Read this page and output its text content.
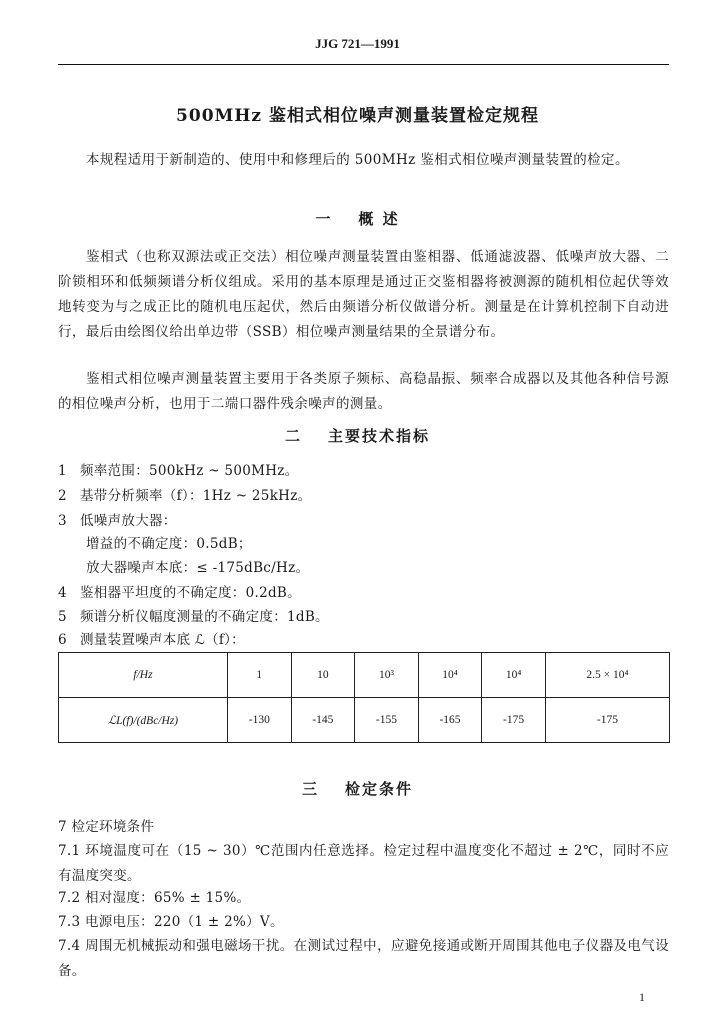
JJG 721—1991
500MHz 鉴相式相位噪声测量装置检定规程
本规程适用于新制造的、使用中和修理后的 500MHz 鉴相式相位噪声测量装置的检定。
一 概 述
鉴相式（也称双源法或正交法）相位噪声测量装置由鉴相器、低通滤波器、低噪声放大器、二阶锁相环和低频频谱分析仪组成。采用的基本原理是通过正交鉴相器将被测源的随机相位起伏等效地转变为与之成正比的随机电压起伏，然后由频谱分析仪做谱分析。测量是在计算机控制下自动进行，最后由绘图仪给出单边带（SSB）相位噪声测量结果的全景谱分布。
鉴相式相位噪声测量装置主要用于各类原子频标、高稳晶振、频率合成器以及其他各种信号源的相位噪声分析，也用于二端口器件残余噪声的测量。
二 主要技术指标
1 频率范围：500kHz ~ 500MHz。
2 基带分析频率（f）：1Hz ~ 25kHz。
3 低噪声放大器：
增益的不确定度：0.5dB；
放大器噪声本底：≤ -175dBc/Hz。
4 鉴相器平坦度的不确定度：0.2dB。
5 频谱分析仪幅度测量的不确定度：1dB。
6 测量装置噪声本底 ℒ（f）：
f/Hz	1	10	10³	10⁴	10⁴	2.5 × 10⁴
ℒL(f)/(dBc/Hz)	-130	-145	-155	-165	-175	-175
三 检定条件
7 检定环境条件
7.1 环境温度可在（15 ~ 30）℃范围内任意选择。检定过程中温度变化不超过 ± 2℃，同时不应有温度突变。
7.2 相对湿度：65% ± 15%。
7.3 电源电压：220（1 ± 2%）V。
7.4 周围无机械振动和强电磁场干扰。在测试过程中，应避免接通或断开周围其他电子仪器及电气设备。
1
